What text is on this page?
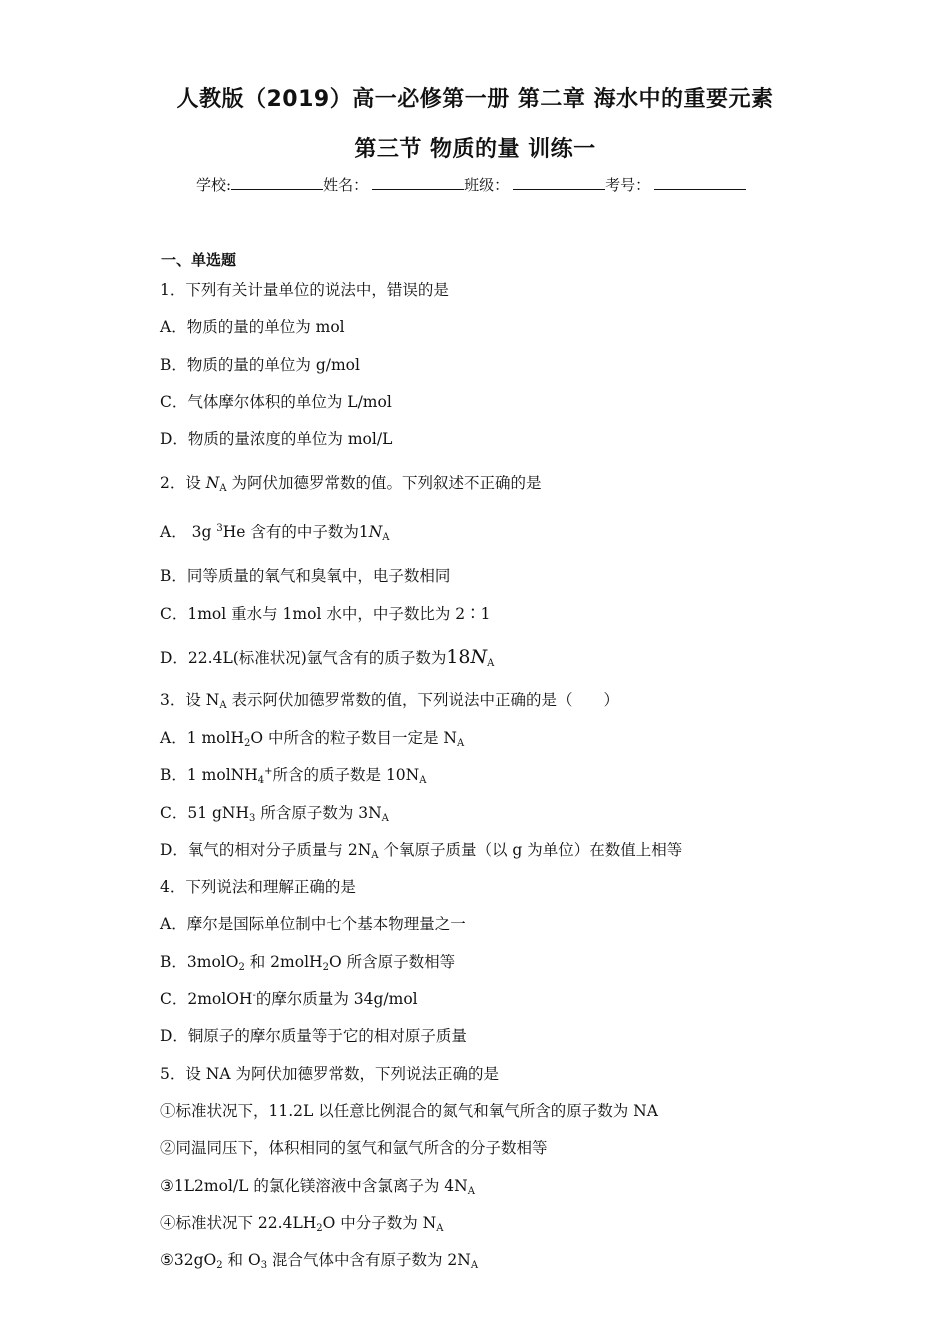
人教版（2019）高一必修第一册 第二章 海水中的重要元素
第三节 物质的量 训练一
学校:	姓名：	班级：	考号：
一、单选题
1．下列有关计量单位的说法中，错误的是
A．物质的量的单位为 mol
B．物质的量的单位为 g/mol
C．气体摩尔体积的单位为 L/mol
D．物质的量浓度的单位为 mol/L
2．设 $N_A$ 为阿伏加德罗常数的值。下列叙述不正确的是
A． 3g $^3$He 含有的中子数为$1N_A$
B．同等质量的氧气和臭氧中，电子数相同
C．1mol 重水与 1mol 水中，中子数比为 2∶1
D．22.4L(标准状况)氩气含有的质子数为$18N_A$
3．设 $N_A$ 表示阿伏加德罗常数的值，下列说法中正确的是（　　）
A．1 molH$_2$O 中所含的粒子数目一定是 $N_A$
B．1 molNH$_4$+所含的质子数是 $10N_A$
C．51 gNH$_3$ 所含原子数为 $3N_A$
D．氧气的相对分子质量与 $2N_A$ 个氧原子质量（以 g 为单位）在数值上相等
4．下列说法和理解正确的是
A．摩尔是国际单位制中七个基本物理量之一
B．3molO$_2$ 和 2molH$_2$O 所含原子数相等
C．2molOH-的摩尔质量为 34g/mol
D．铜原子的摩尔质量等于它的相对原子质量
5．设 NA 为阿伏加德罗常数，下列说法正确的是
①标准状况下，11.2L 以任意比例混合的氮气和氧气所含的原子数为 NA
②同温同压下，体积相同的氢气和氩气所含的分子数相等
③1L2mol/L 的氯化镁溶液中含氯离子为 $4N_A$
④标准状况下 $22.4LH_2O$ 中分子数为 $N_A$
$⑤32gO_2$ 和 $O_3$ 混合气体中含有原子数为 $2N_A$
